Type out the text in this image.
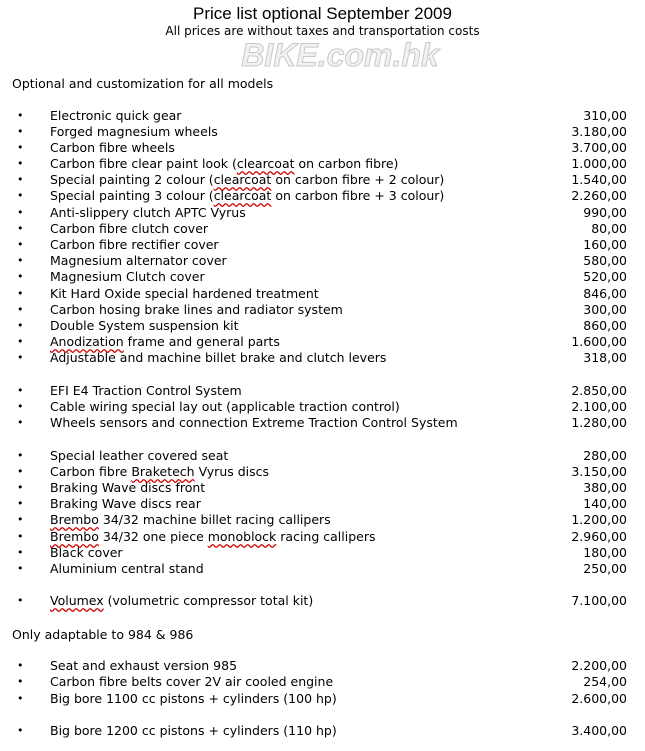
Price list optional September 2009
All prices are without taxes and transportation costs
BIKE.com.hk
Optional and customization for all models
Only adaptable to 984 & 986
• Electronic quick gear	310,00
• Forged magnesium wheels	3.180,00
• Carbon fibre wheels	3.700,00
• Carbon fibre clear paint look (clearcoat on carbon fibre)	1.000,00
• Special painting 2 colour (clearcoat on carbon fibre + 2 colour)	1.540,00
• Special painting 3 colour (clearcoat on carbon fibre + 3 colour)	2.260,00
• Anti-slippery clutch APTC Vyrus	990,00
• Carbon fibre clutch cover	80,00
• Carbon fibre rectifier cover	160,00
• Magnesium alternator cover	580,00
• Magnesium Clutch cover	520,00
• Kit Hard Oxide special hardened treatment	846,00
• Carbon hosing brake lines and radiator system	300,00
• Double System suspension kit	860,00
• Anodization frame and general parts	1.600,00
• Adjustable and machine billet brake and clutch levers	318,00
• EFI E4 Traction Control System	2.850,00
• Cable wiring special lay out (applicable traction control)	2.100,00
• Wheels sensors and connection Extreme Traction Control System	1.280,00
• Special leather covered seat	280,00
• Carbon fibre Braketech Vyrus discs	3.150,00
• Braking Wave discs front	380,00
• Braking Wave discs rear	140,00
• Brembo 34/32 machine billet racing callipers	1.200,00
• Brembo 34/32 one piece monoblock racing callipers	2.960,00
• Black cover	180,00
• Aluminium central stand	250,00
• Volumex (volumetric compressor total kit)	7.100,00
• Seat and exhaust version 985	2.200,00
• Carbon fibre belts cover 2V air cooled engine	254,00
• Big bore 1100 cc pistons + cylinders (100 hp)	2.600,00
• Big bore 1200 cc pistons + cylinders (110 hp)	3.400,00
